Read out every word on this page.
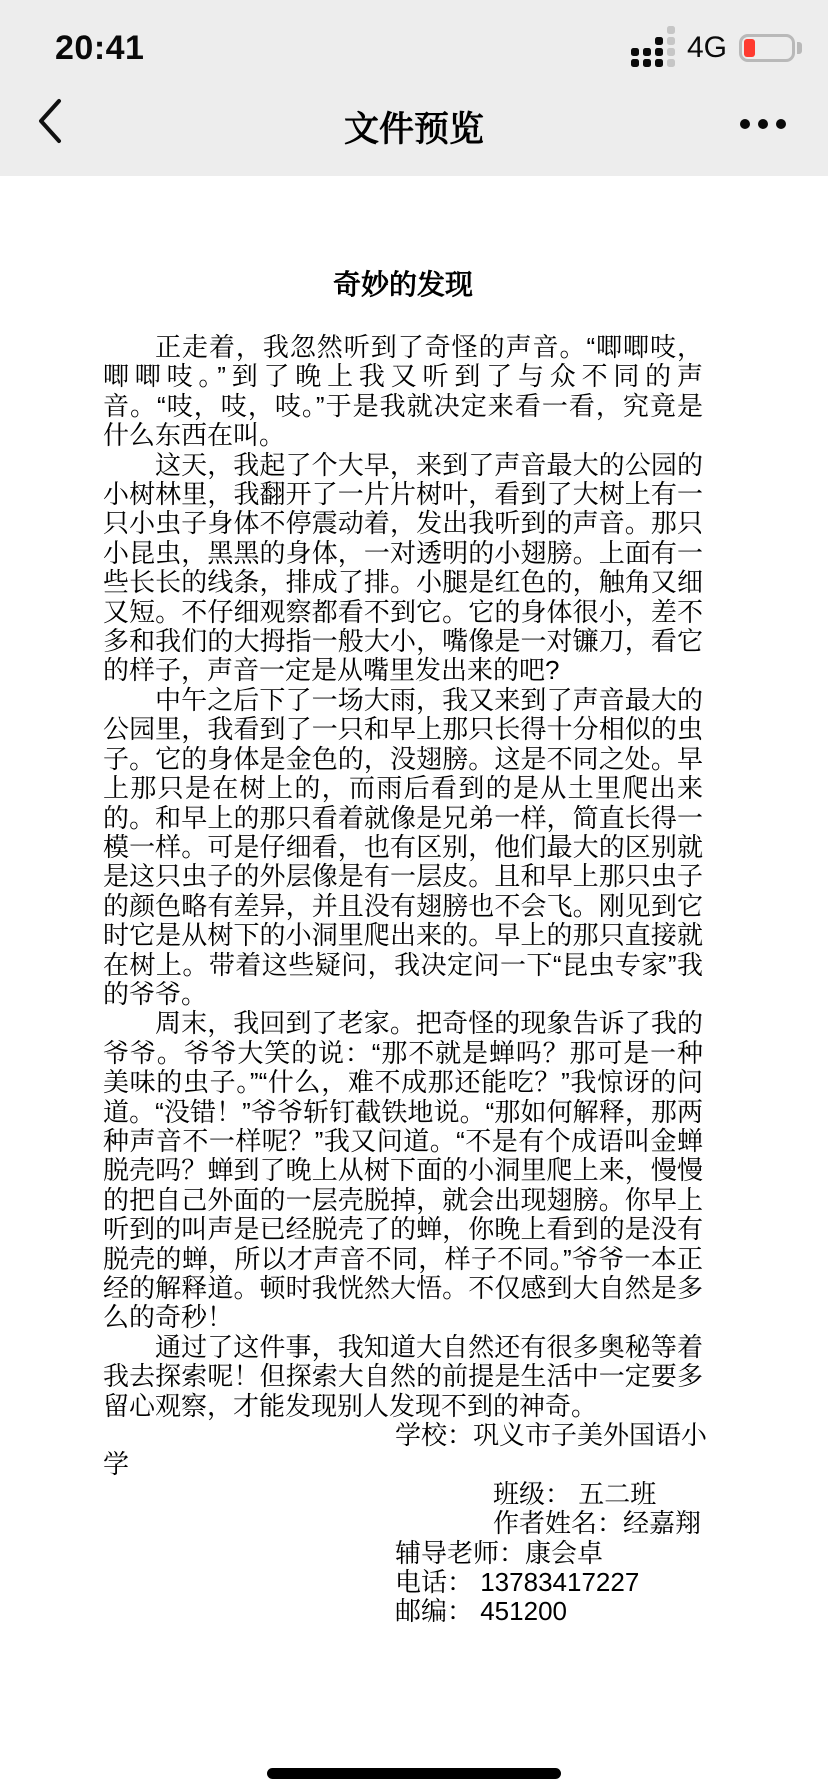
20:41	4G
文件预览
奇妙的发现

正走着，我忽然听到了奇怪的声音。“唧唧吱，唧唧吱。”到了晚上我又听到了与众不同的声音。“吱，吱，吱。”于是我就决定来看一看，究竟是什么东西在叫。

这天，我起了个大早，来到了声音最大的公园的小树林里，我翻开了一片片树叶，看到了大树上有一只小虫子身体不停震动着，发出我听到的声音。那只小昆虫，黑黑的身体，一对透明的小翅膀。上面有一些长长的线条，排成了排。小腿是红色的，触角又细又短。不仔细观察都看不到它。它的身体很小，差不多和我们的大拇指一般大小，嘴像是一对镰刀，看它的样子，声音一定是从嘴里发出来的吧?

中午之后下了一场大雨，我又来到了声音最大的公园里，我看到了一只和早上那只长得十分相似的虫子。它的身体是金色的，没翅膀。这是不同之处。早上那只是在树上的，而雨后看到的是从土里爬出来的。和早上的那只看着就像是兄弟一样，简直长得一模一样。可是仔细看，也有区别，他们最大的区别就是这只虫子的外层像是有一层皮。且和早上那只虫子的颜色略有差异，并且没有翅膀也不会飞。刚见到它时它是从树下的小洞里爬出来的。早上的那只直接就在树上。带着这些疑问，我决定问一下“昆虫专家”我的爷爷。

周末，我回到了老家。把奇怪的现象告诉了我的爷爷。爷爷大笑的说：“那不就是蝉吗？那可是一种美味的虫子。”“什么，难不成那还能吃？”我惊讶的问道。“没错！”爷爷斩钉截铁地说。“那如何解释，那两种声音不一样呢？”我又问道。“不是有个成语叫金蝉脱壳吗？蝉到了晚上从树下面的小洞里爬上来，慢慢的把自己外面的一层壳脱掉，就会出现翅膀。你早上听到的叫声是已经脱壳了的蝉，你晚上看到的是没有脱壳的蝉，所以才声音不同，样子不同。”爷爷一本正经的解释道。顿时我恍然大悟。不仅感到大自然是多么的奇秒！

通过了这件事，我知道大自然还有很多奥秘等着我去探索呢！但探索大自然的前提是生活中一定要多留心观察，才能发现别人发现不到的神奇。

学校：巩义市子美外国语小
学
班级： 五二班
作者姓名：经嘉翔
辅导老师：康会卓
电话： 13783417227
邮编： 451200
